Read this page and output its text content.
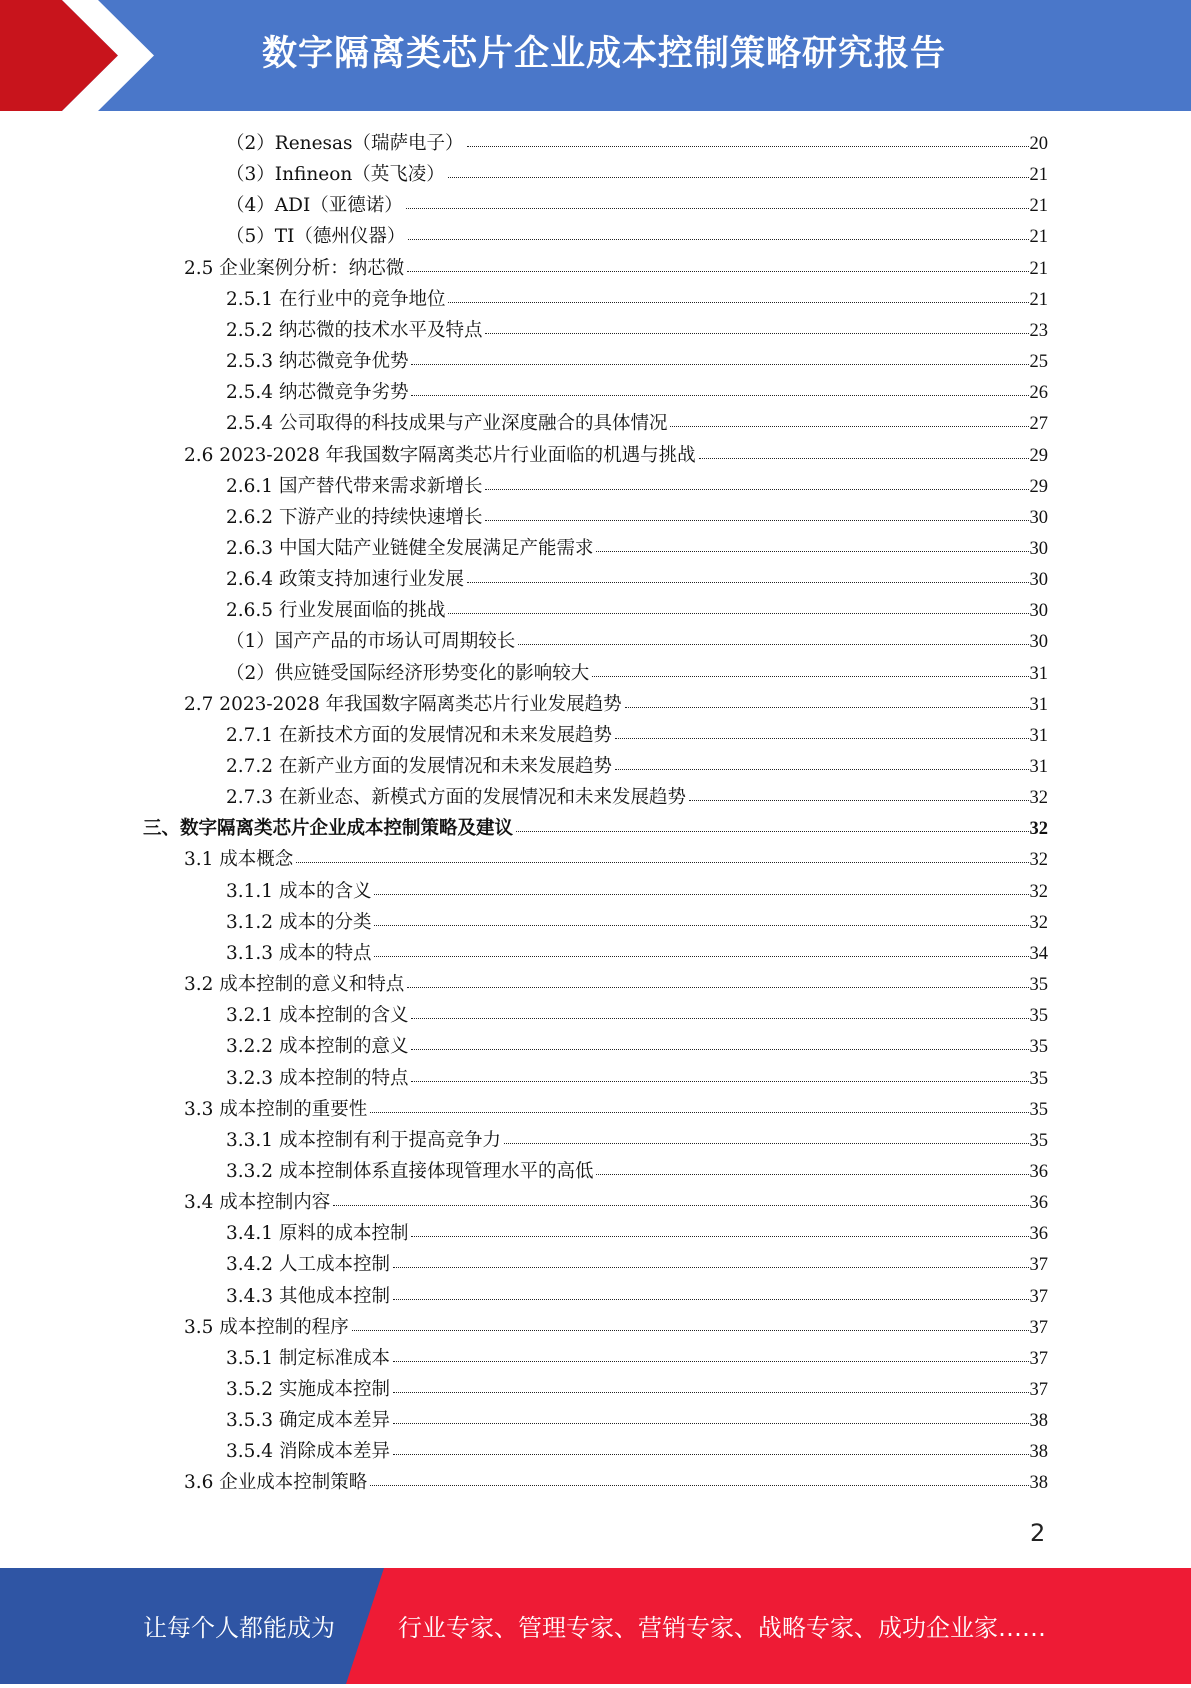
数字隔离类芯片企业成本控制策略研究报告
（2）Renesas（瑞萨电子）	20
（3）Infineon（英飞凌）	21
（4）ADI（亚德诺）	21
（5）TI（德州仪器）	21
2.5 企业案例分析：纳芯微	21
2.5.1 在行业中的竞争地位	21
2.5.2 纳芯微的技术水平及特点	23
2.5.3 纳芯微竞争优势	25
2.5.4 纳芯微竞争劣势	26
2.5.4 公司取得的科技成果与产业深度融合的具体情况	27
2.6 2023-2028 年我国数字隔离类芯片行业面临的机遇与挑战	29
2.6.1 国产替代带来需求新增长	29
2.6.2 下游产业的持续快速增长	30
2.6.3 中国大陆产业链健全发展满足产能需求	30
2.6.4 政策支持加速行业发展	30
2.6.5 行业发展面临的挑战	30
（1）国产产品的市场认可周期较长	30
（2）供应链受国际经济形势变化的影响较大	31
2.7 2023-2028 年我国数字隔离类芯片行业发展趋势	31
2.7.1 在新技术方面的发展情况和未来发展趋势	31
2.7.2 在新产业方面的发展情况和未来发展趋势	31
2.7.3 在新业态、新模式方面的发展情况和未来发展趋势	32
三、数字隔离类芯片企业成本控制策略及建议	32
3.1 成本概念	32
3.1.1 成本的含义	32
3.1.2 成本的分类	32
3.1.3 成本的特点	34
3.2 成本控制的意义和特点	35
3.2.1 成本控制的含义	35
3.2.2 成本控制的意义	35
3.2.3 成本控制的特点	35
3.3 成本控制的重要性	35
3.3.1 成本控制有利于提高竞争力	35
3.3.2 成本控制体系直接体现管理水平的高低	36
3.4 成本控制内容	36
3.4.1 原料的成本控制	36
3.4.2 人工成本控制	37
3.4.3 其他成本控制	37
3.5 成本控制的程序	37
3.5.1 制定标准成本	37
3.5.2 实施成本控制	37
3.5.3 确定成本差异	38
3.5.4 消除成本差异	38
3.6 企业成本控制策略	38
2
让每个人都能成为	行业专家、管理专家、营销专家、战略专家、成功企业家……
